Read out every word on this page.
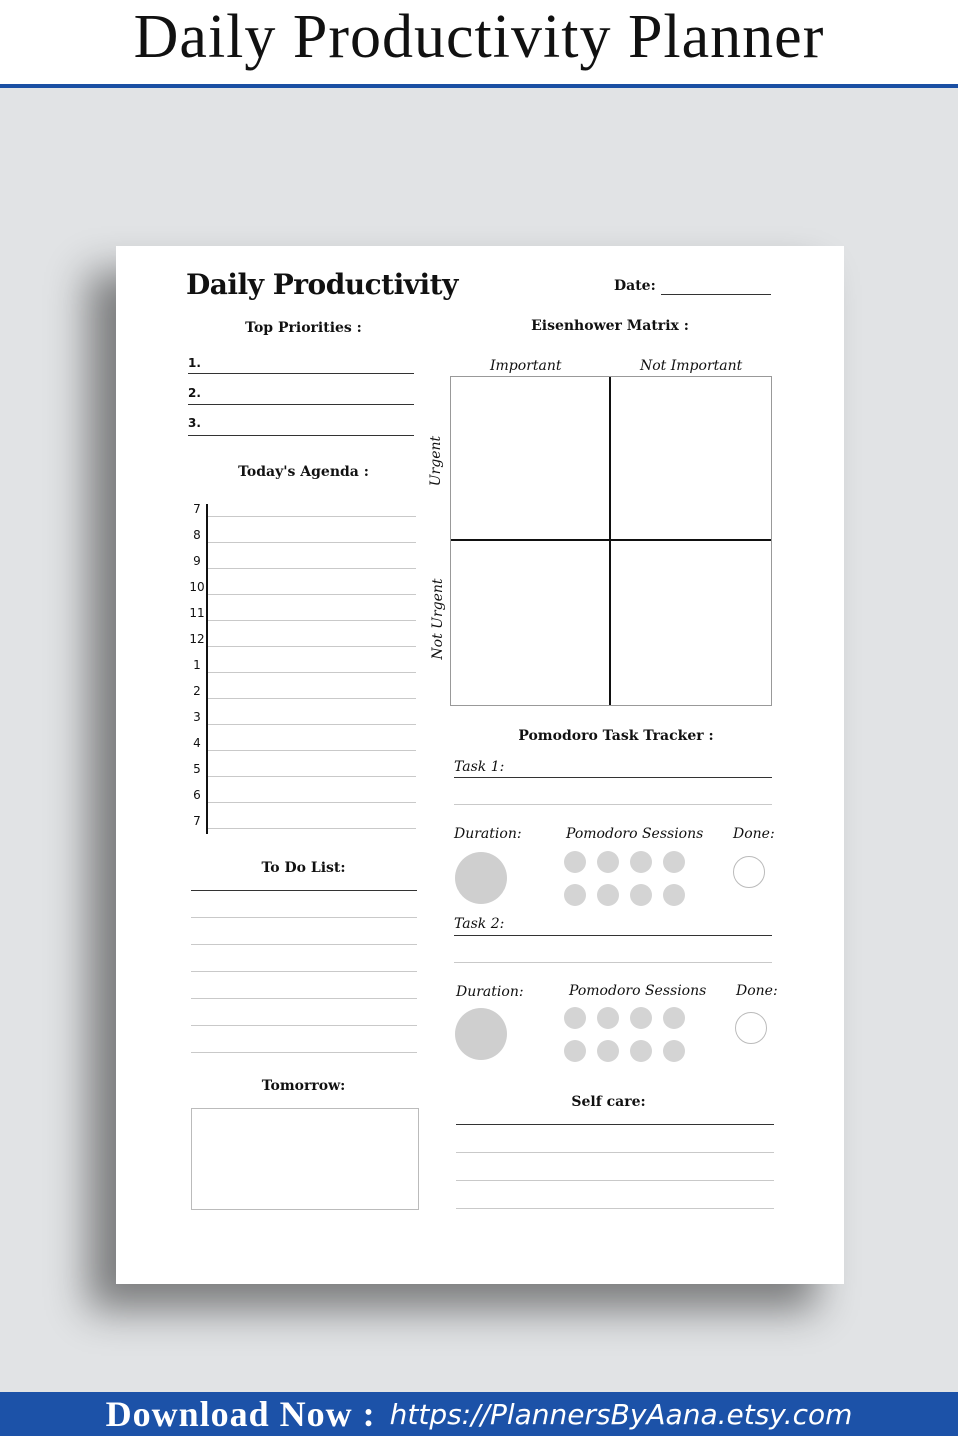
Daily Productivity Planner
Daily Productivity	Date:
Top Priorities :
1.
2.
3.
Today's Agenda :
7
8
9
10
11
12
1
2
3
4
5
6
7
To Do List:
Tomorrow:
Eisenhower Matrix :
Important	Not Important
Urgent
Not Urgent
Pomodoro Task Tracker :
Task 1:
Duration:	Pomodoro Sessions Done:
Task 2:
Duration:	Pomodoro Sessions Done:
Self care:
Download Now : https://PlannersByAana.etsy.com
